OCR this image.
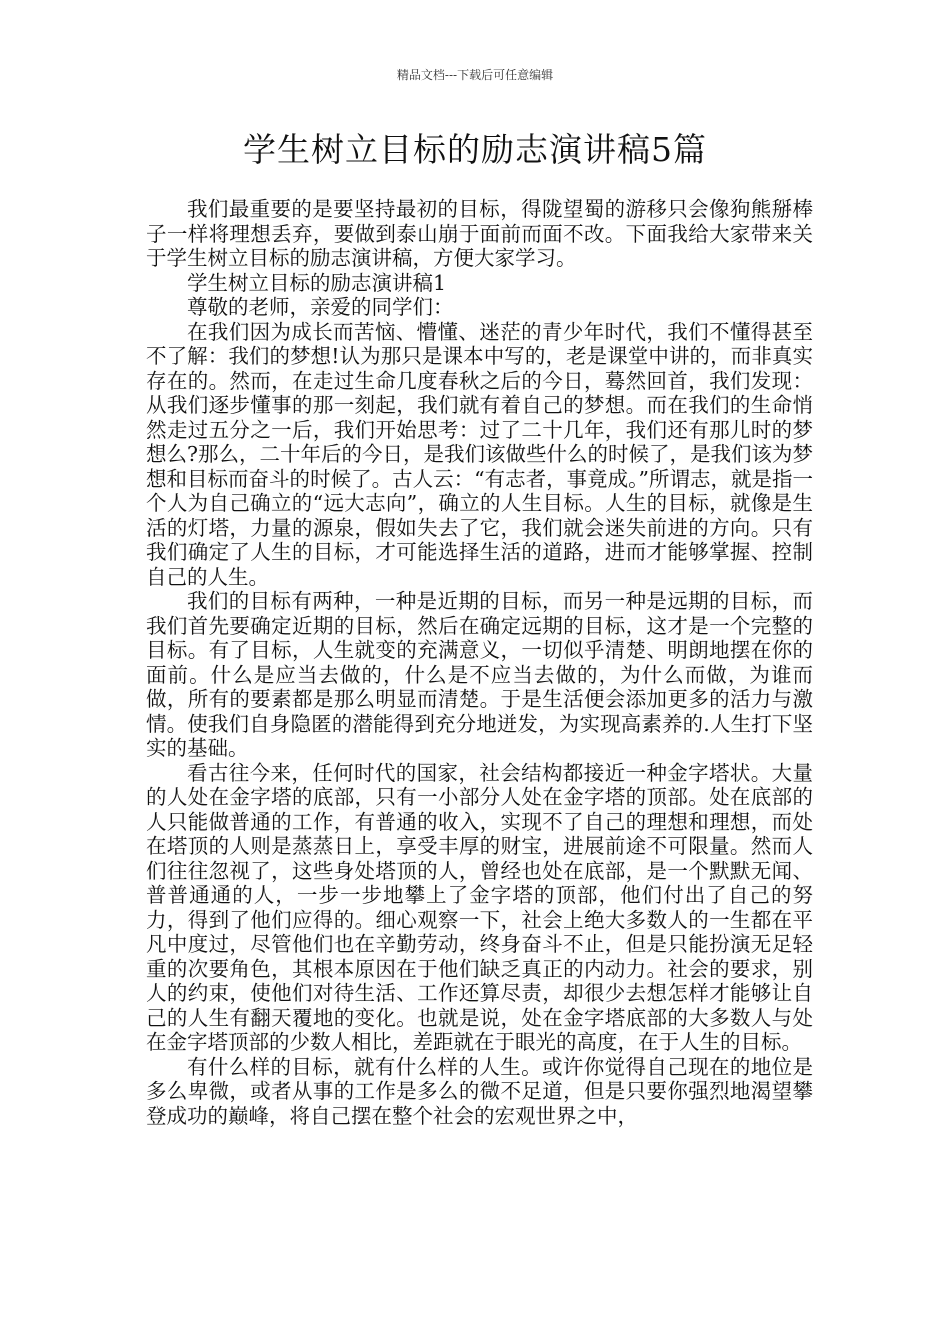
精品文档---下载后可任意编辑
学生树立目标的励志演讲稿5篇

我们最重要的是要坚持最初的目标，得陇望蜀的游移只会像狗熊掰棒子一样将理想丢弃，要做到泰山崩于面前而面不改。下面我给大家带来关于学生树立目标的励志演讲稿，方便大家学习。

学生树立目标的励志演讲稿1

尊敬的老师，亲爱的同学们：

在我们因为成长而苦恼、懵懂、迷茫的青少年时代，我们不懂得甚至不了解：我们的梦想!认为那只是课本中写的，老是课堂中讲的，而非真实存在的。然而，在走过生命几度春秋之后的今日，蓦然回首，我们发现：从我们逐步懂事的那一刻起，我们就有着自己的梦想。而在我们的生命悄然走过五分之一后，我们开始思考：过了二十几年，我们还有那儿时的梦想么?那么，二十年后的今日，是我们该做些什么的时候了，是我们该为梦想和目标而奋斗的时候了。古人云：“有志者，事竟成。”所谓志，就是指一个人为自己确立的“远大志向”，确立的人生目标。人生的目标，就像是生活的灯塔，力量的源泉，假如失去了它，我们就会迷失前进的方向。只有我们确定了人生的目标，才可能选择生活的道路，进而才能够掌握、控制自己的人生。

我们的目标有两种，一种是近期的目标，而另一种是远期的目标，而我们首先要确定近期的目标，然后在确定远期的目标，这才是一个完整的目标。有了目标，人生就变的充满意义，一切似乎清楚、明朗地摆在你的面前。什么是应当去做的，什么是不应当去做的，为什么而做，为谁而做，所有的要素都是那么明显而清楚。于是生活便会添加更多的活力与激情。使我们自身隐匿的潜能得到充分地迸发，为实现高素养的.人生打下坚实的基础。

看古往今来，任何时代的国家，社会结构都接近一种金字塔状。大量的人处在金字塔的底部，只有一小部分人处在金字塔的顶部。处在底部的人只能做普通的工作，有普通的收入，实现不了自己的理想和理想，而处在塔顶的人则是蒸蒸日上，享受丰厚的财宝，进展前途不可限量。然而人们往往忽视了，这些身处塔顶的人，曾经也处在底部，是一个默默无闻、普普通通的人，一步一步地攀上了金字塔的顶部，他们付出了自己的努力，得到了他们应得的。细心观察一下，社会上绝大多数人的一生都在平凡中度过，尽管他们也在辛勤劳动，终身奋斗不止，但是只能扮演无足轻重的次要角色，其根本原因在于他们缺乏真正的内动力。社会的要求，别人的约束，使他们对待生活、工作还算尽责，却很少去想怎样才能够让自己的人生有翻天覆地的变化。也就是说，处在金字塔底部的大多数人与处在金字塔顶部的少数人相比，差距就在于眼光的高度，在于人生的目标。

有什么样的目标，就有什么样的人生。或许你觉得自己现在的地位是多么卑微，或者从事的工作是多么的微不足道，但是只要你强烈地渴望攀登成功的巅峰，将自己摆在整个社会的宏观世界之中，
